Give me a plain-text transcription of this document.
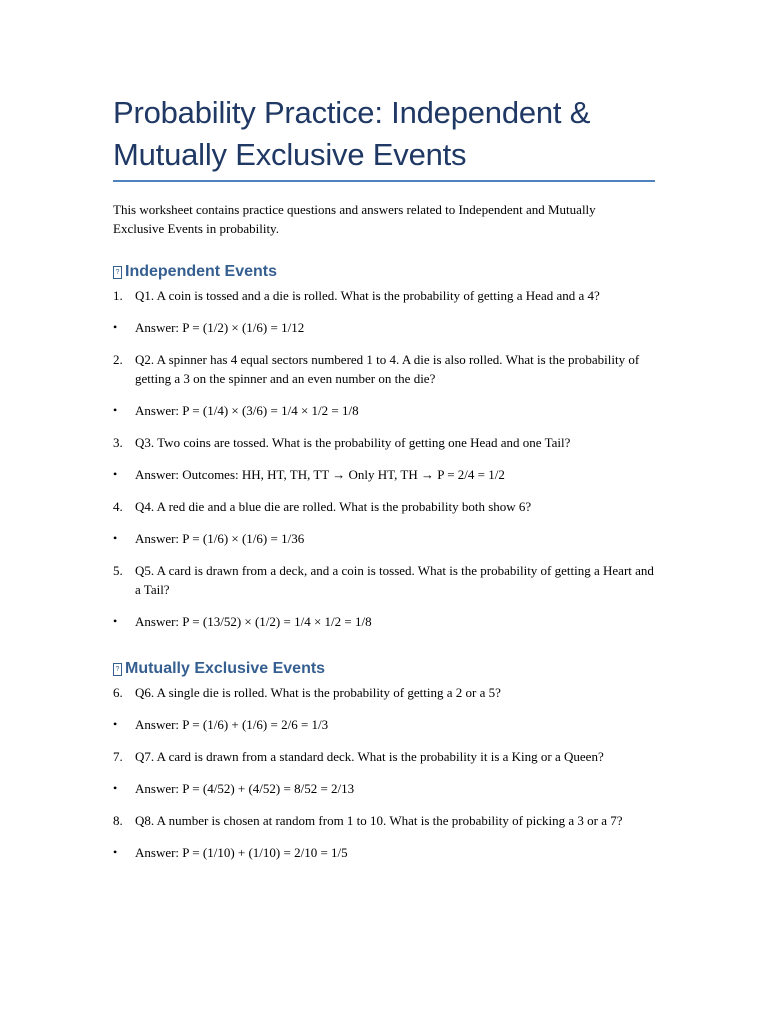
Probability Practice: Independent & Mutually Exclusive Events
This worksheet contains practice questions and answers related to Independent and Mutually Exclusive Events in probability.
? Independent Events
1. Q1. A coin is tossed and a die is rolled. What is the probability of getting a Head and a 4?
•	Answer: P = (1/2) × (1/6) = 1/12
2. Q2. A spinner has 4 equal sectors numbered 1 to 4. A die is also rolled. What is the probability of getting a 3 on the spinner and an even number on the die?
•	Answer: P = (1/4) × (3/6) = 1/4 × 1/2 = 1/8
3. Q3. Two coins are tossed. What is the probability of getting one Head and one Tail?
•	Answer: Outcomes: HH, HT, TH, TT → Only HT, TH → P = 2/4 = 1/2
4. Q4. A red die and a blue die are rolled. What is the probability both show 6?
•	Answer: P = (1/6) × (1/6) = 1/36
5. Q5. A card is drawn from a deck, and a coin is tossed. What is the probability of getting a Heart and a Tail?
•	Answer: P = (13/52) × (1/2) = 1/4 × 1/2 = 1/8
? Mutually Exclusive Events
6. Q6. A single die is rolled. What is the probability of getting a 2 or a 5?
•	Answer: P = (1/6) + (1/6) = 2/6 = 1/3
7. Q7. A card is drawn from a standard deck. What is the probability it is a King or a Queen?
•	Answer: P = (4/52) + (4/52) = 8/52 = 2/13
8. Q8. A number is chosen at random from 1 to 10. What is the probability of picking a 3 or a 7?
•	Answer: P = (1/10) + (1/10) = 2/10 = 1/5
